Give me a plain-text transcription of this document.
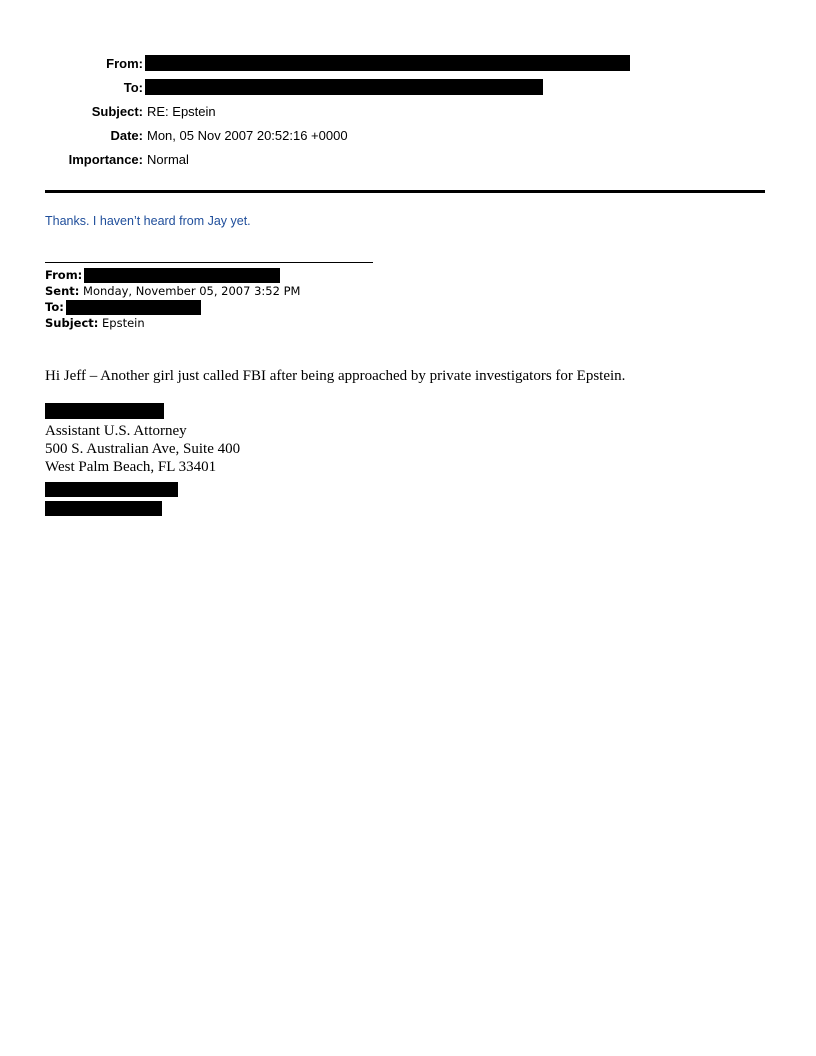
From:
To:
Subject: RE: Epstein
Date: Mon, 05 Nov 2007 20:52:16 +0000
Importance: Normal
Thanks. I haven’t heard from Jay yet.
From:
Sent:
Monday, November 05, 2007 3:52 PM
To:
Subject:
Epstein
Hi Jeff – Another girl just called FBI after being approached by private investigators for Epstein.
Assistant U.S. Attorney
500 S. Australian Ave, Suite 400
West Palm Beach, FL 33401
